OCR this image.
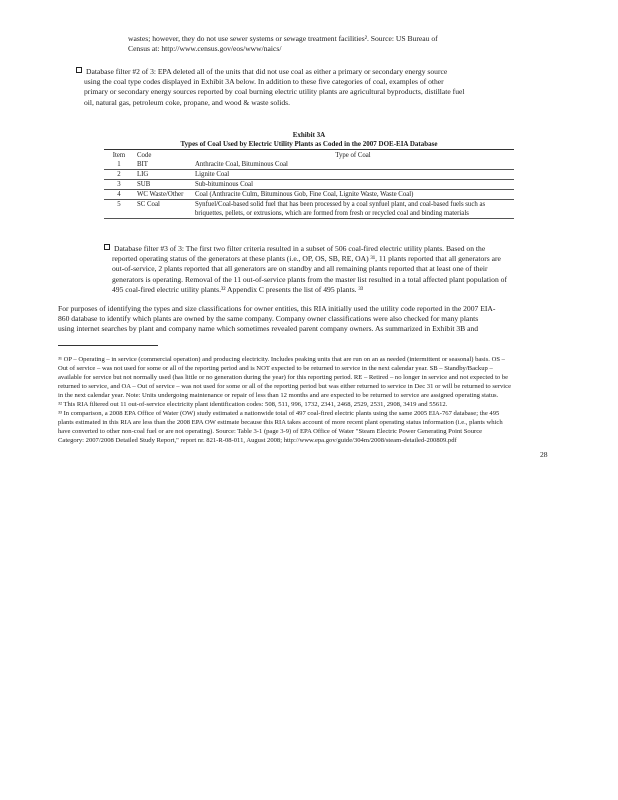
wastes; however, they do not use sewer systems or sewage treatment facilities². Source: US Bureau of
Census at: http://www.census.gov/eos/www/naics/
Database filter #2 of 3: EPA deleted all of the units that did not use coal as either a primary or secondary energy source
using the coal type codes displayed in Exhibit 3A below. In addition to these five categories of coal, examples of other
primary or secondary energy sources reported by coal burning electric utility plants are agricultural byproducts, distillate fuel
oil, natural gas, petroleum coke, propane, and wood & waste solids.
Exhibit 3A
Types of Coal Used by Electric Utility Plants as Coded in the 2007 DOE-EIA Database
Item	Code	Type of Coal
1	BIT	Anthracite Coal, Bituminous Coal
2	LIG	Lignite Coal
3	SUB	Sub-bituminous Coal
4	WC Waste/Other	Coal (Anthracite Culm, Bituminous Gob, Fine Coal, Lignite Waste, Waste Coal)
5	SC Coal	Synfuel/Coal-based solid fuel that has been processed by a coal synfuel plant, and coal-based fuels such as briquettes, pellets, or extrusions, which are formed from fresh or recycled coal and binding materials
Database filter #3 of 3: The first two filter criteria resulted in a subset of 506 coal-fired electric utility plants. Based on the
reported operating status of the generators at these plants (i.e., OP, OS, SB, RE, OA) ³¹, 11 plants reported that all generators are
out-of-service, 2 plants reported that all generators are on standby and all remaining plants reported that at least one of their
generators is operating. Removal of the 11 out-of-service plants from the master list resulted in a total affected plant population of
495 coal-fired electric utility plants.³² Appendix C presents the list of 495 plants. ³³
For purposes of identifying the types and size classifications for owner entities, this RIA initially used the utility code reported in the 2007 EIA-
860 database to identify which plants are owned by the same company. Company owner classifications were also checked for many plants
using internet searches by plant and company name which sometimes revealed parent company owners. As summarized in Exhibit 3B and
³¹ OP – Operating – in service (commercial operation) and producing electricity. Includes peaking units that are run on an as needed (intermittent or seasonal) basis. OS –
Out of service – was not used for some or all of the reporting period and is NOT expected to be returned to service in the next calendar year. SB – Standby/Backup –
available for service but not normally used (has little or no generation during the year) for this reporting period. RE – Retired – no longer in service and not expected to be
returned to service, and OA – Out of service – was not used for some or all of the reporting period but was either returned to service in Dec 31 or will be returned to service
in the next calendar year. Note: Units undergoing maintenance or repair of less than 12 months and are expected to be returned to service are assigned operating status.
³² This RIA filtered out 11 out-of-service electricity plant identification codes: 508, 511, 996, 1732, 2341, 2468, 2529, 2531, 2908, 3419 and 55612.
³³ In comparison, a 2008 EPA Office of Water (OW) study estimated a nationwide total of 497 coal-fired electric plants using the same 2005 EIA-767 database; the 495
plants estimated in this RIA are less than the 2008 EPA OW estimate because this RIA takes account of more recent plant operating status information (i.e., plants which
have converted to other non-coal fuel or are not operating). Source: Table 3-1 (page 3-9) of EPA Office of Water "Steam Electric Power Generating Point Source
Category: 2007/2008 Detailed Study Report," report nr. 821-R-08-011, August 2008; http://www.epa.gov/guide/304m/2008/steam-detailed-200809.pdf
28
